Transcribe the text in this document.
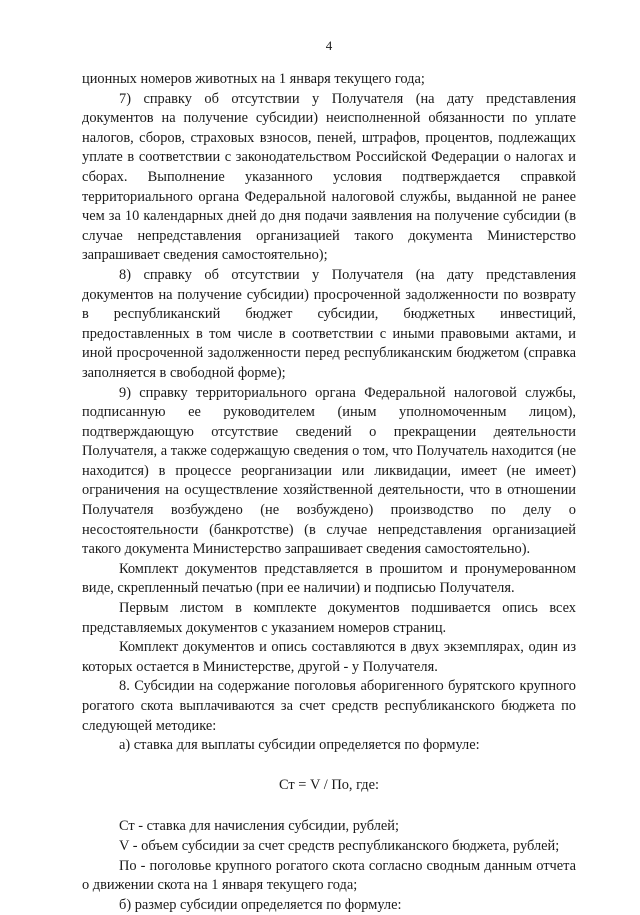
4

ционных номеров животных на 1 января текущего года;

7) справку об отсутствии у Получателя (на дату представления документов на получение субсидии) неисполненной обязанности по уплате налогов, сборов, страховых взносов, пеней, штрафов, процентов, подлежащих уплате в соответствии с законодательством Российской Федерации о налогах и сборах. Выполнение указанного условия подтверждается справкой территориального органа Федеральной налоговой службы, выданной не ранее чем за 10 календарных дней до дня подачи заявления на получение субсидии (в случае непредставления организацией такого документа Министерство запрашивает сведения самостоятельно);

8) справку об отсутствии у Получателя (на дату представления документов на получение субсидии) просроченной задолженности по возврату в республиканский бюджет субсидии, бюджетных инвестиций, предоставленных в том числе в соответствии с иными правовыми актами, и иной просроченной задолженности перед республиканским бюджетом (справка заполняется в свободной форме);

9) справку территориального органа Федеральной налоговой службы, подписанную ее руководителем (иным уполномоченным лицом), подтверждающую отсутствие сведений о прекращении деятельности Получателя, а также содержащую сведения о том, что Получатель находится (не находится) в процессе реорганизации или ликвидации, имеет (не имеет) ограничения на осуществление хозяйственной деятельности, что в отношении Получателя возбуждено (не возбуждено) производство по делу о несостоятельности (банкротстве) (в случае непредставления организацией такого документа Министерство запрашивает сведения самостоятельно).

Комплект документов представляется в прошитом и пронумерованном виде, скрепленный печатью (при ее наличии) и подписью Получателя.

Первым листом в комплекте документов подшивается опись всех представляемых документов с указанием номеров страниц.

Комплект документов и опись составляются в двух экземплярах, один из которых остается в Министерстве, другой - у Получателя.

8. Субсидии на содержание поголовья аборигенного бурятского крупного рогатого скота выплачиваются за счет средств республиканского бюджета по следующей методике:

а) ставка для выплаты субсидии определяется по формуле:

Ст = V / По, где:

Ст - ставка для начисления субсидии, рублей;

V - объем субсидии за счет средств республиканского бюджета, рублей;

По - поголовье крупного рогатого скота согласно сводным данным отчета о движении скота на 1 января текущего года;

б) размер субсидии определяется по формуле:
